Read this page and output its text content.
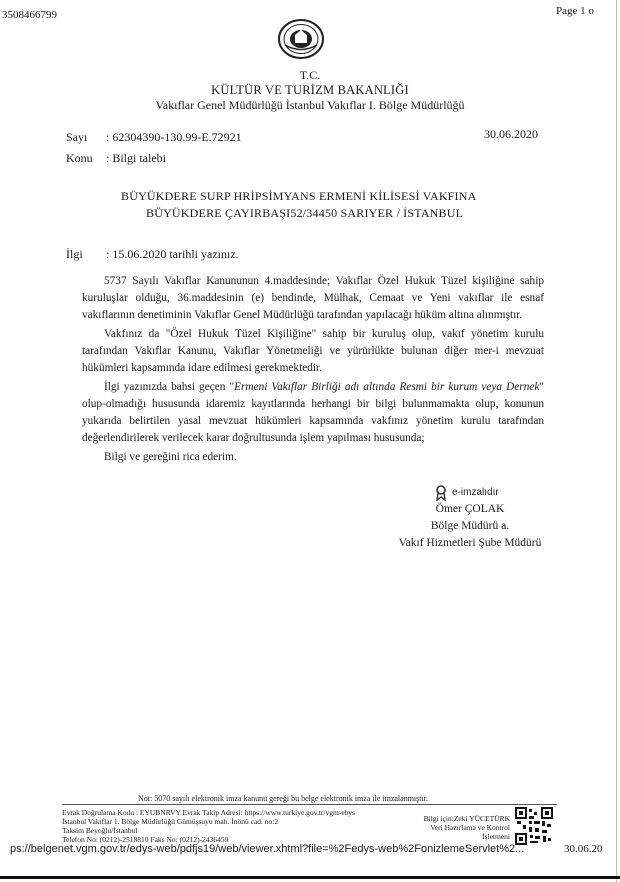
3508466799	Page 1 o
T.C.
KÜLTÜR VE TURİZM BAKANLIĞI
Vakıflar Genel Müdürlüğü İstanbul Vakıflar I. Bölge Müdürlüğü
Sayı : 62304390-130.99-E.72921	30.06.2020
Konu : Bilgi talebi
BÜYÜKDERE SURP HRİPSİMYANS ERMENİ KİLİSESİ VAKFINA
BÜYÜKDERE ÇAYIRBAŞI52/34450 SARIYER / İSTANBUL
İlgi : 15.06.2020 tarihli yazınız.

5737 Sayılı Vakıflar Kanununun 4.maddesinde; Vakıflar Özel Hukuk Tüzel kişiliğine sahip kuruluşlar olduğu, 36.maddesinin (e) bendinde, Mülhak, Cemaat ve Yeni vakıflar ile esnaf vakıflarının denetiminin Vakıflar Genel Müdürlüğü tarafından yapılacağı hüküm altına alınmıştır.

Vakfınız da "Özel Hukuk Tüzel Kişiliğine" sahip bir kuruluş olup, vakıf yönetim kurulu tarafından Vakıflar Kanunu, Vakıflar Yönetmeliği ve yürürlükte bulunan diğer mer-i mevzuat hükümleri kapsamında idare edilmesi gerekmektedir.

İlgi yazınızda bahsi geçen "Ermeni Vakıflar Birliği adı altında Resmi bir kurum veya Dernek" olup-olmadığı hususunda idaremiz kayıtlarında herhangi bir bilgi bulunmamakta olup, konunun yukarıda belirtilen yasal mevzuat hükümleri kapsamında vakfınız yönetim kurulu tarafından değerlendirilerek verilecek karar doğrultusunda işlem yapılması hususunda;

Bilgi ve gereğini rica ederim.

e-imzalıdır
Ömer ÇOLAK
Bölge Müdürü a.
Vakıf Hizmetleri Şube Müdürü
Not: 5070 sayılı elektronik imza kanunu gereği bu belge elektronik imza ile imzalanmıştır.
Evrak Doğrulama Kodu : EYUBNRVY Evrak Takip Adresi: https://www.turkiye.gov.tr/vgm-ebys
İstanbul Vakıflar 1. Bölge Müdürlüğü Gümüşsuyu mah. İnönü cad. no:2
Taksim Beyoğlu/İstanbul
Telefon No: (0212)-2518810 Faks No: (0212)-2436459
Bilgi için:Zeki YÜCETÜRK
Veri Hazırlama ve Kontrol
İşletmeni
ps://belgenet.vgm.gov.tr/edys-web/pdfjs19/web/viewer.xhtml?file=%2Fedys-web%2FonizlemeServlet%2...	30.06.20
